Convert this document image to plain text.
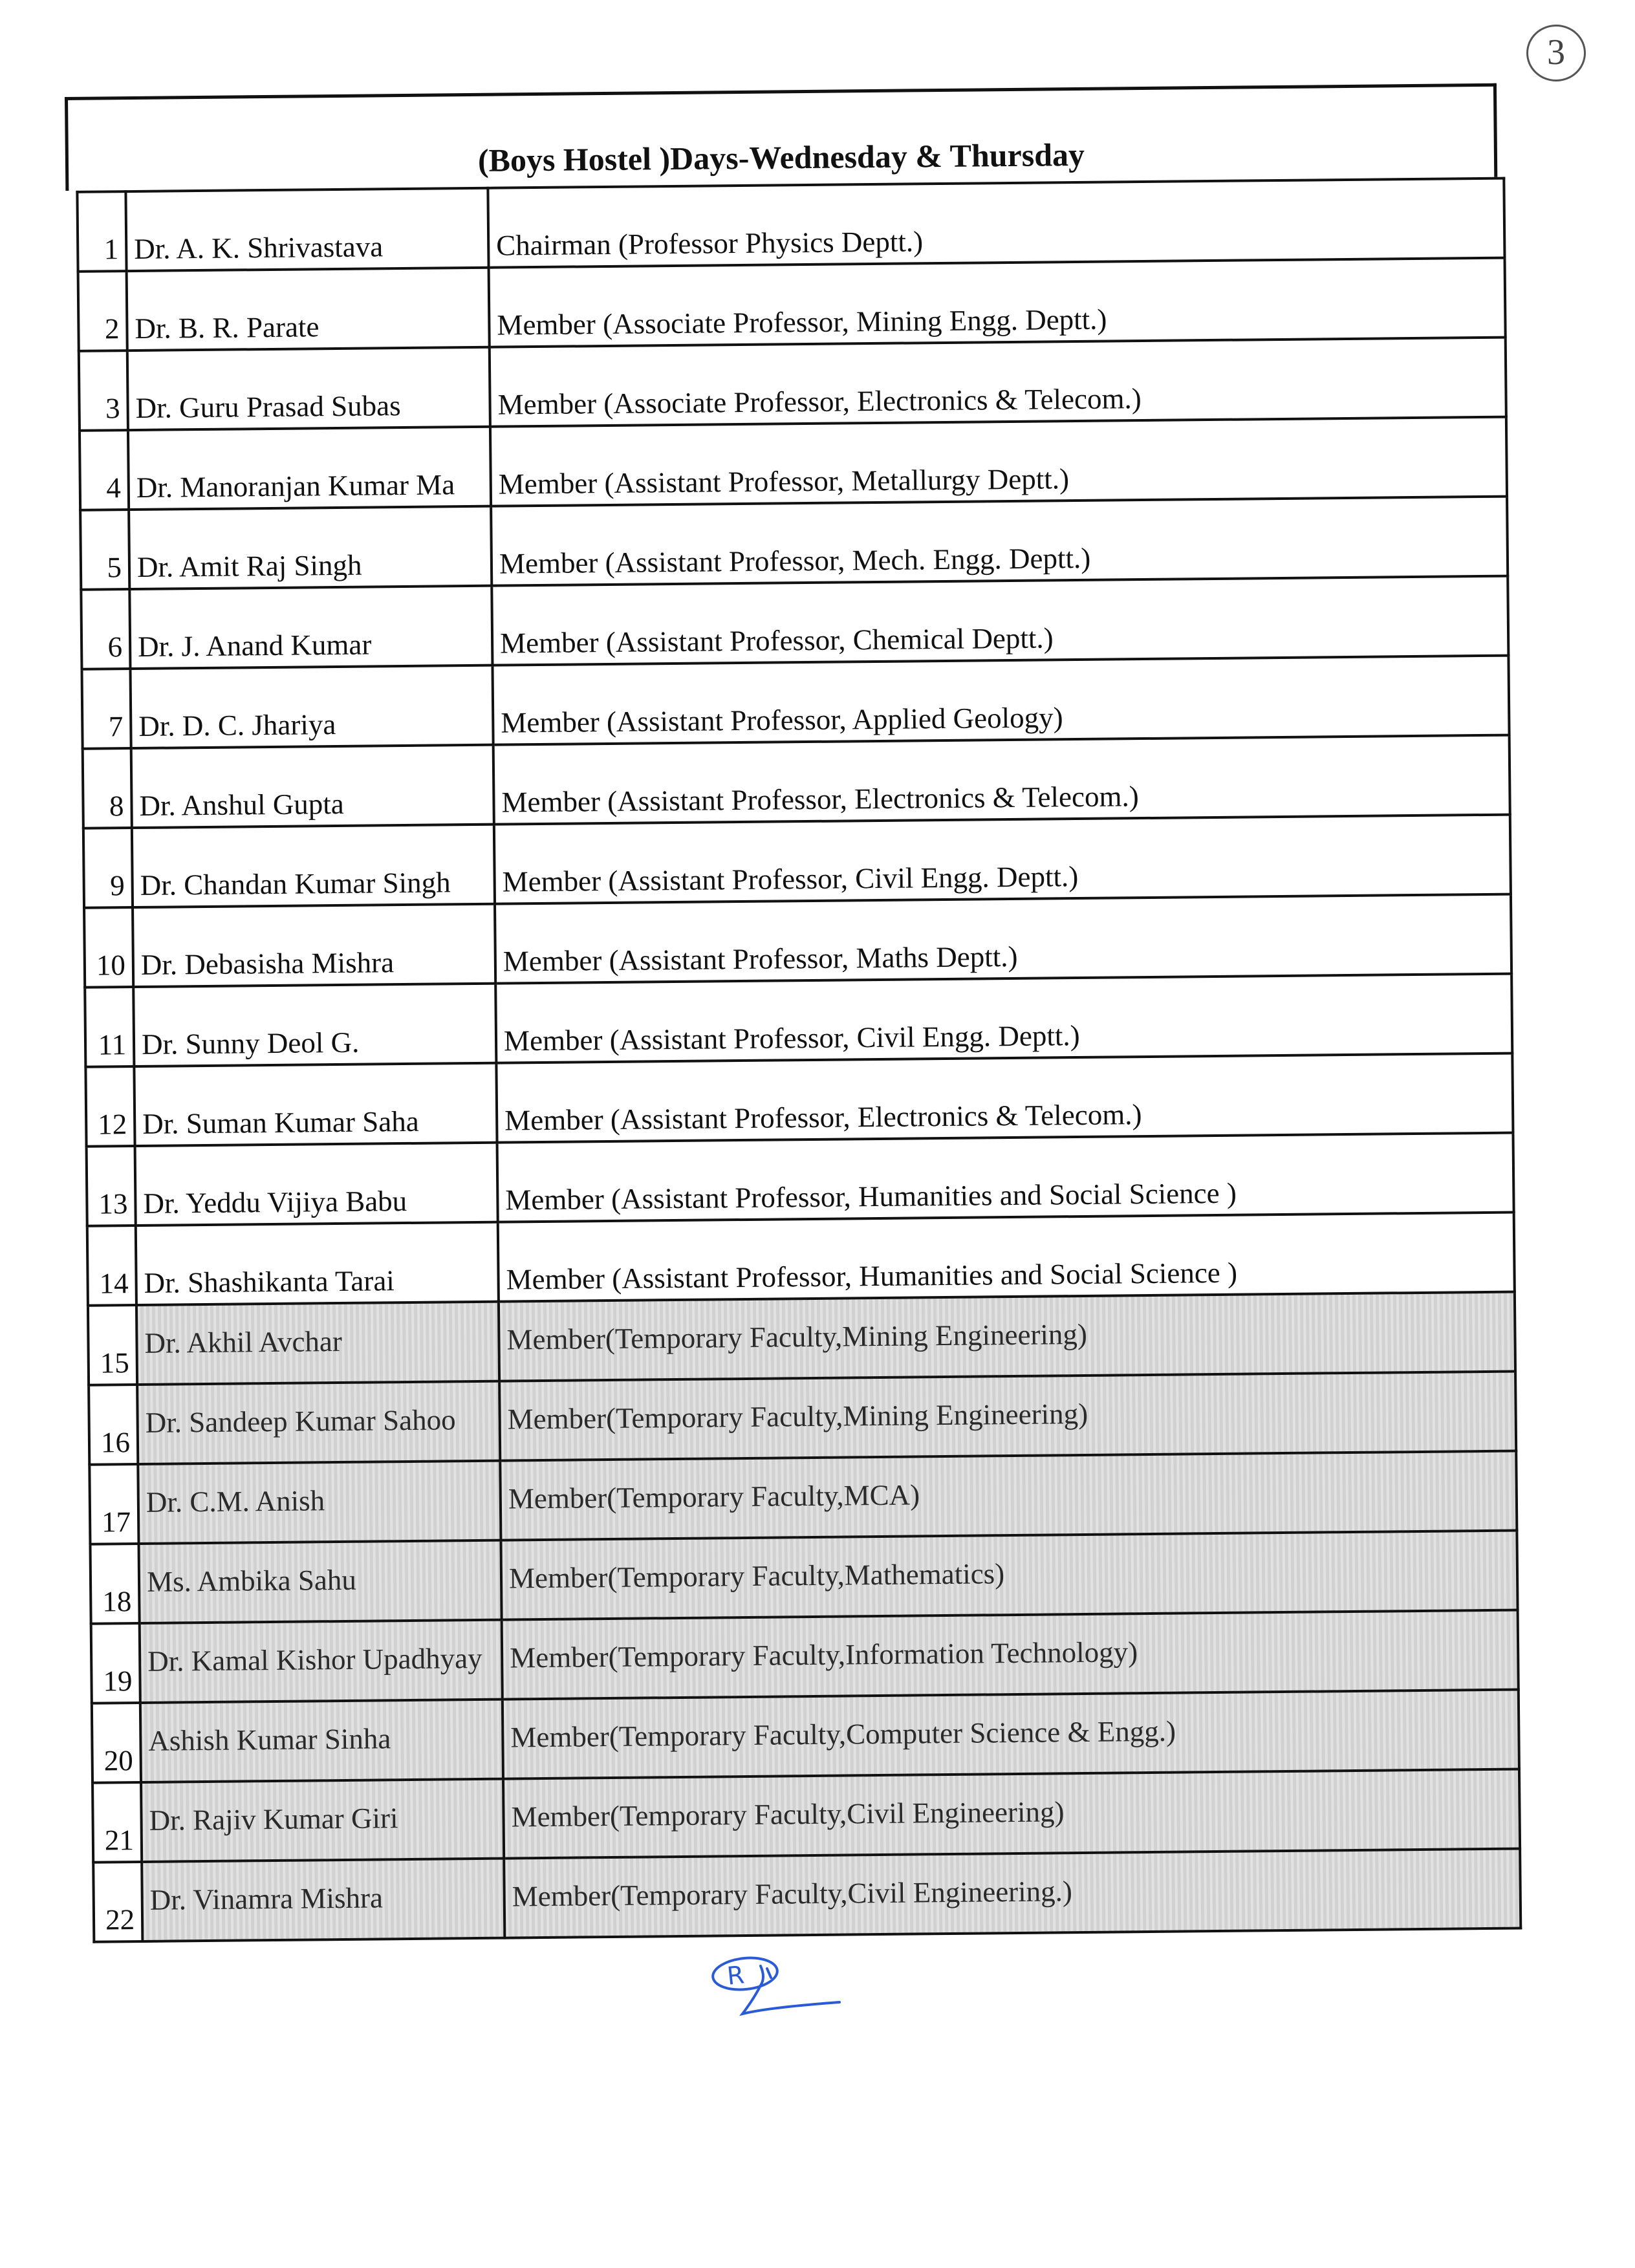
3
(Boys Hostel )Days-Wednesday & Thursday
1	Dr. A. K. Shrivastava	Chairman (Professor Physics Deptt.)
2	Dr. B. R. Parate	Member (Associate Professor, Mining Engg. Deptt.)
3	Dr. Guru Prasad Subas	Member (Associate Professor, Electronics & Telecom.)
4	Dr. Manoranjan Kumar Ma	Member (Assistant Professor, Metallurgy Deptt.)
5	Dr. Amit Raj Singh	Member (Assistant Professor, Mech. Engg. Deptt.)
6	Dr. J. Anand Kumar	Member (Assistant Professor, Chemical Deptt.)
7	Dr. D. C. Jhariya	Member (Assistant Professor, Applied Geology)
8	Dr. Anshul Gupta	Member (Assistant Professor, Electronics & Telecom.)
9	Dr. Chandan Kumar Singh	Member (Assistant Professor, Civil Engg. Deptt.)
10	Dr. Debasisha Mishra	Member (Assistant Professor, Maths Deptt.)
11	Dr. Sunny Deol G.	Member (Assistant Professor, Civil Engg. Deptt.)
12	Dr. Suman Kumar Saha	Member (Assistant Professor, Electronics & Telecom.)
13	Dr. Yeddu Vijiya Babu	Member (Assistant Professor, Humanities and Social Science )
14	Dr. Shashikanta Tarai	Member (Assistant Professor, Humanities and Social Science )
15	Dr. Akhil Avchar	Member(Temporary Faculty,Mining Engineering)
16	Dr. Sandeep Kumar Sahoo	Member(Temporary Faculty,Mining Engineering)
17	Dr. C.M. Anish	Member(Temporary Faculty,MCA)
18	Ms. Ambika Sahu	Member(Temporary Faculty,Mathematics)
19	Dr. Kamal Kishor Upadhyay	Member(Temporary Faculty,Information Technology)
20	Ashish Kumar Sinha	Member(Temporary Faculty,Computer Science & Engg.)
21	Dr. Rajiv Kumar Giri	Member(Temporary Faculty,Civil Engineering)
22	Dr. Vinamra Mishra	Member(Temporary Faculty,Civil Engineering.)
R
